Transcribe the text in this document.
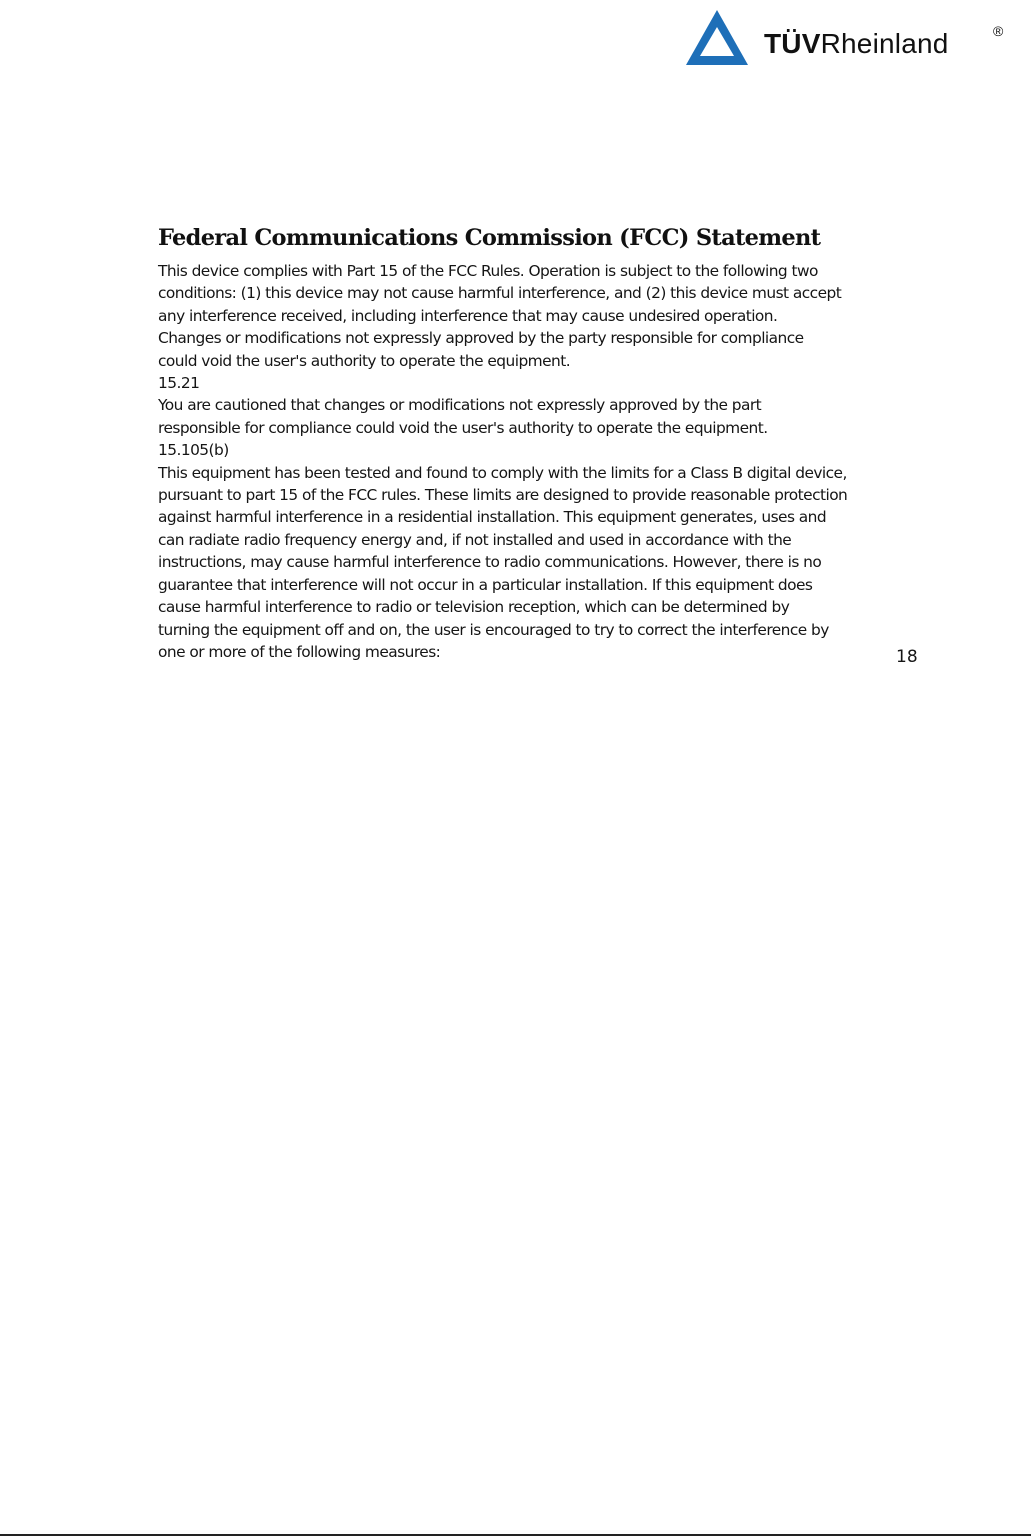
TÜVRheinland	®
Federal Communications Commission (FCC) Statement
This device complies with Part 15 of the FCC Rules. Operation is subject to the following two
conditions: (1) this device may not cause harmful interference, and (2) this device must accept
any interference received, including interference that may cause undesired operation.
Changes or modifications not expressly approved by the party responsible for compliance
could void the user's authority to operate the equipment.
15.21
You are cautioned that changes or modifications not expressly approved by the part
responsible for compliance could void the user's authority to operate the equipment.
15.105(b)
This equipment has been tested and found to comply with the limits for a Class B digital device,
pursuant to part 15 of the FCC rules. These limits are designed to provide reasonable protection
against harmful interference in a residential installation. This equipment generates, uses and
can radiate radio frequency energy and, if not installed and used in accordance with the
instructions, may cause harmful interference to radio communications. However, there is no
guarantee that interference will not occur in a particular installation. If this equipment does
cause harmful interference to radio or television reception, which can be determined by
turning the equipment off and on, the user is encouraged to try to correct the interference by
one or more of the following measures:	18
